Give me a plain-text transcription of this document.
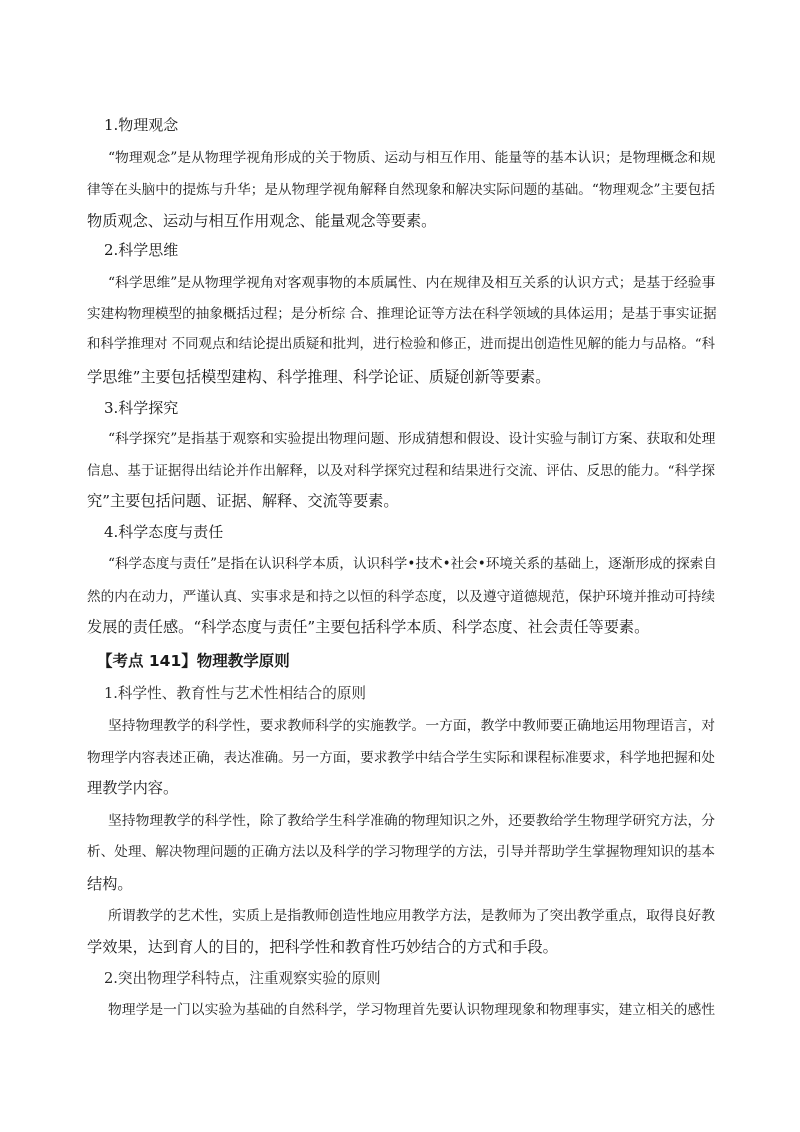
1.物理观念

“物理观念”是从物理学视角形成的关于物质、运动与相互作用、能量等的基本认识；是物理概念和规

律等在头脑中的提炼与升华；是从物理学视角解释自然现象和解决实际问题的基础。“物理观念”主要包括

物质观念、运动与相互作用观念、能量观念等要素。

2.科学思维

“科学思维”是从物理学视角对客观事物的本质属性、内在规律及相互关系的认识方式；是基于经验事

实建构物理模型的抽象概括过程；是分析综 合、推理论证等方法在科学领域的具体运用；是基于事实证据

和科学推理对 不同观点和结论提出质疑和批判，进行检验和修正，进而提出创造性见解的能力与品格。“科

学思维”主要包括模型建构、科学推理、科学论证、质疑创新等要素。

3.科学探究

“科学探究”是指基于观察和实验提出物理问题、形成猜想和假设、设计实验与制订方案、获取和处理

信息、基于证据得出结论并作出解释，以及对科学探究过程和结果进行交流、评估、反思的能力。“科学探

究”主要包括问题、证据、解释、交流等要素。

4.科学态度与责任

“科学态度与责任”是指在认识科学本质，认识科学•技术•社会•环境关系的基础上，逐渐形成的探索自

然的内在动力，严谨认真、实事求是和持之以恒的科学态度，以及遵守道德规范，保护环境并推动可持续

发展的责任感。“科学态度与责任”主要包括科学本质、科学态度、社会责任等要素。

【考点 141】物理教学原则

1.科学性、教育性与艺术性相结合的原则

坚持物理教学的科学性，要求教师科学的实施教学。一方面，教学中教师要正确地运用物理语言，对

物理学内容表述正确，表达准确。另一方面，要求教学中结合学生实际和课程标准要求，科学地把握和处

理教学内容。

坚持物理教学的科学性，除了教给学生科学准确的物理知识之外，还要教给学生物理学研究方法，分

析、处理、解决物理问题的正确方法以及科学的学习物理学的方法，引导并帮助学生掌握物理知识的基本

结构。

所谓教学的艺术性，实质上是指教师创造性地应用教学方法，是教师为了突出教学重点，取得良好教

学效果，达到育人的目的，把科学性和教育性巧妙结合的方式和手段。

2.突出物理学科特点，注重观察实验的原则

物理学是一门以实验为基础的自然科学，学习物理首先要认识物理现象和物理事实，建立相关的感性
